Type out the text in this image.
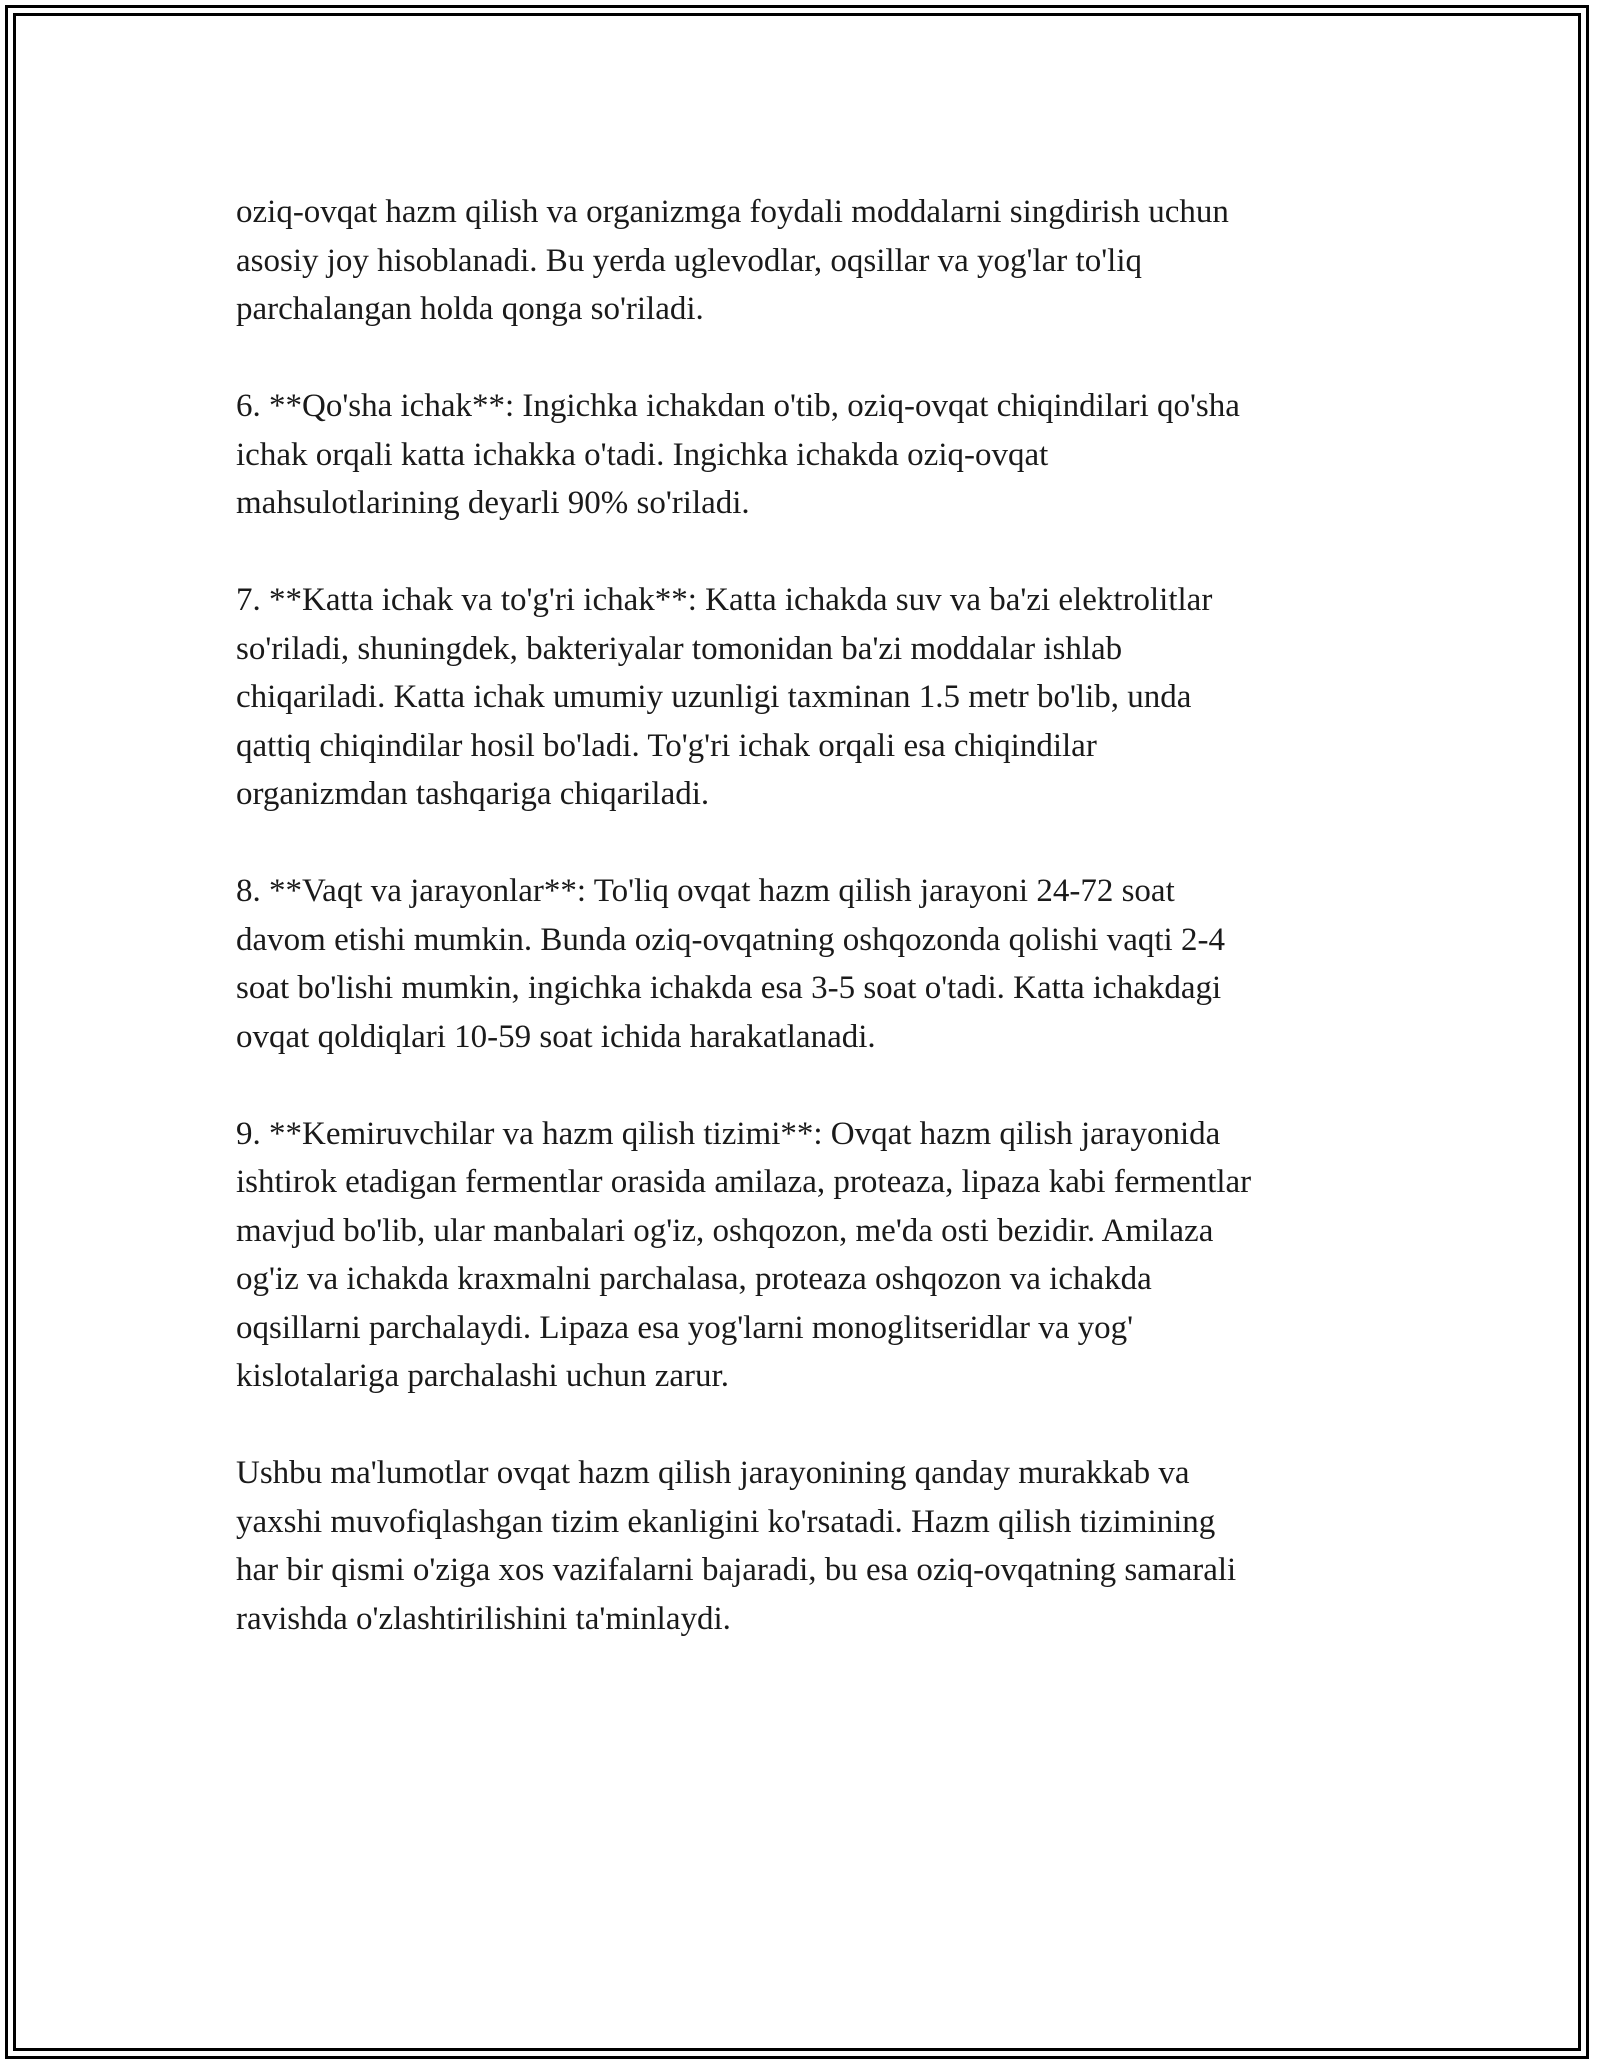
oziq-ovqat hazm qilish va organizmga foydali moddalarni singdirish uchun
asosiy joy hisoblanadi. Bu yerda uglevodlar, oqsillar va yog'lar to'liq
parchalangan holda qonga so'riladi.

6. **Qo'sha ichak**: Ingichka ichakdan o'tib, oziq-ovqat chiqindilari qo'sha
ichak orqali katta ichakka o'tadi. Ingichka ichakda oziq-ovqat
mahsulotlarining deyarli 90% so'riladi.

7. **Katta ichak va to'g'ri ichak**: Katta ichakda suv va ba'zi elektrolitlar
so'riladi, shuningdek, bakteriyalar tomonidan ba'zi moddalar ishlab
chiqariladi. Katta ichak umumiy uzunligi taxminan 1.5 metr bo'lib, unda
qattiq chiqindilar hosil bo'ladi. To'g'ri ichak orqali esa chiqindilar
organizmdan tashqariga chiqariladi.

8. **Vaqt va jarayonlar**: To'liq ovqat hazm qilish jarayoni 24-72 soat
davom etishi mumkin. Bunda oziq-ovqatning oshqozonda qolishi vaqti 2-4
soat bo'lishi mumkin, ingichka ichakda esa 3-5 soat o'tadi. Katta ichakdagi
ovqat qoldiqlari 10-59 soat ichida harakatlanadi.

9. **Kemiruvchilar va hazm qilish tizimi**: Ovqat hazm qilish jarayonida
ishtirok etadigan fermentlar orasida amilaza, proteaza, lipaza kabi fermentlar
mavjud bo'lib, ular manbalari og'iz, oshqozon, me'da osti bezidir. Amilaza
og'iz va ichakda kraxmalni parchalasa, proteaza oshqozon va ichakda
oqsillarni parchalaydi. Lipaza esa yog'larni monoglitseridlar va yog'
kislotalariga parchalashi uchun zarur.

Ushbu ma'lumotlar ovqat hazm qilish jarayonining qanday murakkab va
yaxshi muvofiqlashgan tizim ekanligini ko'rsatadi. Hazm qilish tizimining
har bir qismi o'ziga xos vazifalarni bajaradi, bu esa oziq-ovqatning samarali
ravishda o'zlashtirilishini ta'minlaydi.
